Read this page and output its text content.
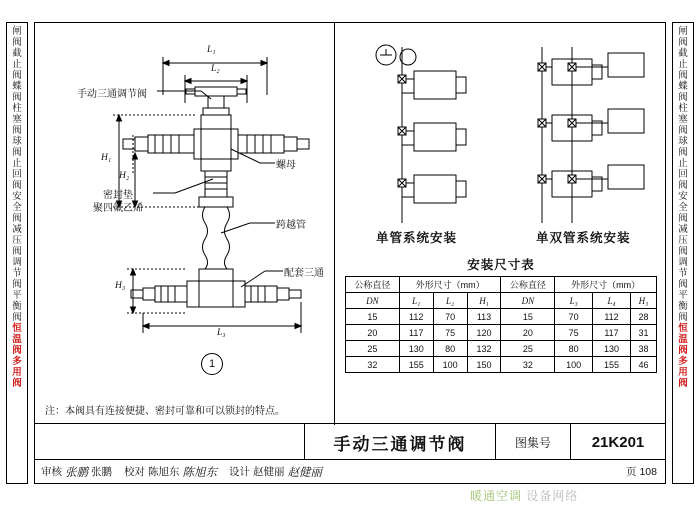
闸
阀
截
止
阀
蝶
阀
柱
塞
阀
球
阀
止
回
阀
安
全
阀
减
压
阀
调
节
阀
平
衡
阀
恒
温
阀
多
用
阀
闸
阀
截
止
阀
蝶
阀
柱
塞
阀
球
阀
止
回
阀
安
全
阀
减
压
阀
调
节
阀
平
衡
阀
恒
温
阀
多
用
阀
L₁
L₂
H₁
H₂
H₃
L₃
手动三通调节阀
螺母
密封垫
聚四氟乙烯
跨越管
配套三通
1
注：本阀具有连接便捷、密封可靠和可以锁封的特点。
单管系统安装	单双管系统安装
安装尺寸表
公称直径	外形尺寸（mm）			公称直径	外形尺寸（mm）		
DN	L₁	L₂	H₁	DN	L₃	L₄	H₃
15	112	70	113	15	70	112	28
20	117	75	120	20	75	117	31
25	130	80	132	25	80	130	38
32	155	100	150	32	100	155	46
手动三通调节阀	图集号	21K201
审核 张鹏 张鹏 校对 陈旭东 陈旭东 设计 赵健丽 赵健丽	页 108
暖通空调 设备网络
